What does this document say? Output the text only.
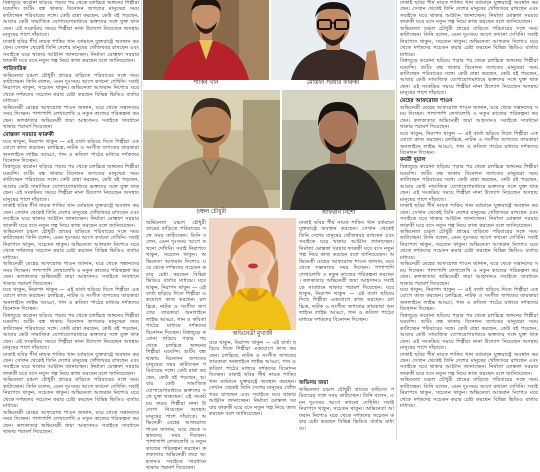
বিশ্বজুড়ে করোনা ছড়িয়ে পড়ার পর থেকে চলচ্চিত্র অঙ্গনের শিল্পীরা ঘরবন্দি। শুটিং বন্ধ থাকায় বিনোদন জগতের মানুষেরা সময় কাটাচ্ছেন পরিবারের সঙ্গে। কেউ রান্না করছেন, কেউ বই পড়ছেন, আবার কেউ সামাজিক যোগাযোগমাধ্যমে ভক্তদের সঙ্গে যুক্ত থাকছেন। এই সংকটময় সময়ে শিল্পীরা নানা উদ্যোগ নিয়েছেন অসহায় মানুষের পাশে দাঁড়াতে।

ঢাকাই ছবির শীর্ষ নায়ক শাকিব খান বর্তমানে যুক্তরাষ্ট্রে অবস্থান করছেন। সেখান থেকেই তিনি দেশের মানুষের খোঁজখবর রাখছেন এবং সবাইকে ঘরে থাকার আহ্বান জানাচ্ছেন। নির্মাতা মোস্তফা সরয়ার ফারুকী ঘরে বসে নতুন গল্প নিয়ে কাজ করছেন বলে জানিয়েছেন।

পারিবারিক

অভিনেতা চঞ্চল চৌধুরী গ্রামের বাড়িতে পরিবারের সঙ্গে সময় কাটাচ্ছেন। তিনি বলেন, এমন দুঃসময় আগে কখনো দেখিনি। সবাই নিরাপদে থাকুন, সচেতন থাকুন। অভিনেতা আফরান নিশোও ঘরে থেকে দর্শকদের সচেতন করার চেষ্টা করছেন বিভিন্ন ভিডিও বার্তার মাধ্যমে।

অভিনেত্রী মেহের আফরোজ শাওন জানান, ঘরে থেকে সন্তানদের সময় দিচ্ছেন। পাশাপাশি লেখালেখি ও নতুন কাজের পরিকল্পনা করছেন। কলকাতার অভিনেত্রী জয়া আহসানও সবাইকে সাবধানে থাকার পরামর্শ দিয়েছেন।

মোস্তফা সরয়ার ফারুকী

ঘরে থাকুন, নিরাপদ থাকুন — এই বার্তা ছড়িয়ে দিতে শিল্পীরা একযোগে কাজ করছেন। চলচ্চিত্র, নাটক ও সংগীত জগতের তারকারা অনলাইনে লাইভ আড্ডা, গান ও কবিতা পাঠের মাধ্যমে দর্শকদের বিনোদন দিচ্ছেন।

বিশ্বজুড়ে করোনা ছড়িয়ে পড়ার পর থেকে চলচ্চিত্র অঙ্গনের শিল্পীরা ঘরবন্দি। শুটিং বন্ধ থাকায় বিনোদন জগতের মানুষেরা সময় কাটাচ্ছেন পরিবারের সঙ্গে। কেউ রান্না করছেন, কেউ বই পড়ছেন, আবার কেউ সামাজিক যোগাযোগমাধ্যমে ভক্তদের সঙ্গে যুক্ত থাকছেন। এই সংকটময় সময়ে শিল্পীরা নানা উদ্যোগ নিয়েছেন অসহায় মানুষের পাশে দাঁড়াতে।

ঢাকাই ছবির শীর্ষ নায়ক শাকিব খান বর্তমানে যুক্তরাষ্ট্রে অবস্থান করছেন। সেখান থেকেই তিনি দেশের মানুষের খোঁজখবর রাখছেন এবং সবাইকে ঘরে থাকার আহ্বান জানাচ্ছেন। নির্মাতা মোস্তফা সরয়ার ফারুকী ঘরে বসে নতুন গল্প নিয়ে কাজ করছেন বলে জানিয়েছেন।

অভিনেতা চঞ্চল চৌধুরী গ্রামের বাড়িতে পরিবারের সঙ্গে সময় কাটাচ্ছেন। তিনি বলেন, এমন দুঃসময় আগে কখনো দেখিনি। সবাই নিরাপদে থাকুন, সচেতন থাকুন। অভিনেতা আফরান নিশোও ঘরে থেকে দর্শকদের সচেতন করার চেষ্টা করছেন বিভিন্ন ভিডিও বার্তার মাধ্যমে।

অভিনেত্রী মেহের আফরোজ শাওন জানান, ঘরে থেকে সন্তানদের সময় দিচ্ছেন। পাশাপাশি লেখালেখি ও নতুন কাজের পরিকল্পনা করছেন। কলকাতার অভিনেত্রী জয়া আহসানও সবাইকে সাবধানে থাকার পরামর্শ দিয়েছেন।

ঘরে থাকুন, নিরাপদ থাকুন — এই বার্তা ছড়িয়ে দিতে শিল্পীরা একযোগে কাজ করছেন। চলচ্চিত্র, নাটক ও সংগীত জগতের তারকারা অনলাইনে লাইভ আড্ডা, গান ও কবিতা পাঠের মাধ্যমে দর্শকদের বিনোদন দিচ্ছেন।

বিশ্বজুড়ে করোনা ছড়িয়ে পড়ার পর থেকে চলচ্চিত্র অঙ্গনের শিল্পীরা ঘরবন্দি। শুটিং বন্ধ থাকায় বিনোদন জগতের মানুষেরা সময় কাটাচ্ছেন পরিবারের সঙ্গে। কেউ রান্না করছেন, কেউ বই পড়ছেন, আবার কেউ সামাজিক যোগাযোগমাধ্যমে ভক্তদের সঙ্গে যুক্ত থাকছেন। এই সংকটময় সময়ে শিল্পীরা নানা উদ্যোগ নিয়েছেন অসহায় মানুষের পাশে দাঁড়াতে।

ঢাকাই ছবির শীর্ষ নায়ক শাকিব খান বর্তমানে যুক্তরাষ্ট্রে অবস্থান করছেন। সেখান থেকেই তিনি দেশের মানুষের খোঁজখবর রাখছেন এবং সবাইকে ঘরে থাকার আহ্বান জানাচ্ছেন। নির্মাতা মোস্তফা সরয়ার ফারুকী ঘরে বসে নতুন গল্প নিয়ে কাজ করছেন বলে জানিয়েছেন।

অভিনেতা চঞ্চল চৌধুরী গ্রামের বাড়িতে পরিবারের সঙ্গে সময় কাটাচ্ছেন। তিনি বলেন, এমন দুঃসময় আগে কখনো দেখিনি। সবাই নিরাপদে থাকুন, সচেতন থাকুন। অভিনেতা আফরান নিশোও ঘরে থেকে দর্শকদের সচেতন করার চেষ্টা করছেন বিভিন্ন ভিডিও বার্তার মাধ্যমে।

অভিনেত্রী মেহের আফরোজ শাওন জানান, ঘরে থেকে সন্তানদের সময় দিচ্ছেন। পাশাপাশি লেখালেখি ও নতুন কাজের পরিকল্পনা করছেন। কলকাতার অভিনেত্রী জয়া আহসানও সবাইকে সাবধানে থাকার পরামর্শ দিয়েছেন।

ঢাকাই ছবির শীর্ষ নায়ক শাকিব খান বর্তমানে যুক্তরাষ্ট্রে অবস্থান করছেন। সেখান থেকেই তিনি দেশের মানুষের খোঁজখবর রাখছেন এবং সবাইকে ঘরে থাকার আহ্বান জানাচ্ছেন। নির্মাতা মোস্তফা সরয়ার ফারুকী ঘরে বসে নতুন গল্প নিয়ে কাজ করছেন বলে জানিয়েছেন।

অভিনেতা চঞ্চল চৌধুরী গ্রামের বাড়িতে পরিবারের সঙ্গে সময় কাটাচ্ছেন। তিনি বলেন, এমন দুঃসময় আগে কখনো দেখিনি। সবাই নিরাপদে থাকুন, সচেতন থাকুন। অভিনেতা আফরান নিশোও ঘরে থেকে দর্শকদের সচেতন করার চেষ্টা করছেন বিভিন্ন ভিডিও বার্তার মাধ্যমে।

বিশ্বজুড়ে করোনা ছড়িয়ে পড়ার পর থেকে চলচ্চিত্র অঙ্গনের শিল্পীরা ঘরবন্দি। শুটিং বন্ধ থাকায় বিনোদন জগতের মানুষেরা সময় কাটাচ্ছেন পরিবারের সঙ্গে। কেউ রান্না করছেন, কেউ বই পড়ছেন, আবার কেউ সামাজিক যোগাযোগমাধ্যমে ভক্তদের সঙ্গে যুক্ত থাকছেন। এই সংকটময় সময়ে শিল্পীরা নানা উদ্যোগ নিয়েছেন অসহায় মানুষের পাশে দাঁড়াতে।

মেহের আফরোজ শাওন

অভিনেত্রী মেহের আফরোজ শাওন জানান, ঘরে থেকে সন্তানদের সময় দিচ্ছেন। পাশাপাশি লেখালেখি ও নতুন কাজের পরিকল্পনা করছেন। কলকাতার অভিনেত্রী জয়া আহসানও সবাইকে সাবধানে থাকার পরামর্শ দিয়েছেন।

ঘরে থাকুন, নিরাপদ থাকুন — এই বার্তা ছড়িয়ে দিতে শিল্পীরা একযোগে কাজ করছেন। চলচ্চিত্র, নাটক ও সংগীত জগতের তারকারা অনলাইনে লাইভ আড্ডা, গান ও কবিতা পাঠের মাধ্যমে দর্শকদের বিনোদন দিচ্ছেন।

কবরী দুয়াল

বিশ্বজুড়ে করোনা ছড়িয়ে পড়ার পর থেকে চলচ্চিত্র অঙ্গনের শিল্পীরা ঘরবন্দি। শুটিং বন্ধ থাকায় বিনোদন জগতের মানুষেরা সময় কাটাচ্ছেন পরিবারের সঙ্গে। কেউ রান্না করছেন, কেউ বই পড়ছেন, আবার কেউ সামাজিক যোগাযোগমাধ্যমে ভক্তদের সঙ্গে যুক্ত থাকছেন। এই সংকটময় সময়ে শিল্পীরা নানা উদ্যোগ নিয়েছেন অসহায় মানুষের পাশে দাঁড়াতে।

ঢাকাই ছবির শীর্ষ নায়ক শাকিব খান বর্তমানে যুক্তরাষ্ট্রে অবস্থান করছেন। সেখান থেকেই তিনি দেশের মানুষের খোঁজখবর রাখছেন এবং সবাইকে ঘরে থাকার আহ্বান জানাচ্ছেন। নির্মাতা মোস্তফা সরয়ার ফারুকী ঘরে বসে নতুন গল্প নিয়ে কাজ করছেন বলে জানিয়েছেন।

অভিনেতা চঞ্চল চৌধুরী গ্রামের বাড়িতে পরিবারের সঙ্গে সময় কাটাচ্ছেন। তিনি বলেন, এমন দুঃসময় আগে কখনো দেখিনি। সবাই নিরাপদে থাকুন, সচেতন থাকুন। অভিনেতা আফরান নিশোও ঘরে থেকে দর্শকদের সচেতন করার চেষ্টা করছেন বিভিন্ন ভিডিও বার্তার মাধ্যমে।

অভিনেত্রী মেহের আফরোজ শাওন জানান, ঘরে থেকে সন্তানদের সময় দিচ্ছেন। পাশাপাশি লেখালেখি ও নতুন কাজের পরিকল্পনা করছেন। কলকাতার অভিনেত্রী জয়া আহসানও সবাইকে সাবধানে থাকার পরামর্শ দিয়েছেন।

ঘরে থাকুন, নিরাপদ থাকুন — এই বার্তা ছড়িয়ে দিতে শিল্পীরা একযোগে কাজ করছেন। চলচ্চিত্র, নাটক ও সংগীত জগতের তারকারা অনলাইনে লাইভ আড্ডা, গান ও কবিতা পাঠের মাধ্যমে দর্শকদের বিনোদন দিচ্ছেন।

বিশ্বজুড়ে করোনা ছড়িয়ে পড়ার পর থেকে চলচ্চিত্র অঙ্গনের শিল্পীরা ঘরবন্দি। শুটিং বন্ধ থাকায় বিনোদন জগতের মানুষেরা সময় কাটাচ্ছেন পরিবারের সঙ্গে। কেউ রান্না করছেন, কেউ বই পড়ছেন, আবার কেউ সামাজিক যোগাযোগমাধ্যমে ভক্তদের সঙ্গে যুক্ত থাকছেন। এই সংকটময় সময়ে শিল্পীরা নানা উদ্যোগ নিয়েছেন অসহায় মানুষের পাশে দাঁড়াতে।

ঢাকাই ছবির শীর্ষ নায়ক শাকিব খান বর্তমানে যুক্তরাষ্ট্রে অবস্থান করছেন। সেখান থেকেই তিনি দেশের মানুষের খোঁজখবর রাখছেন এবং সবাইকে ঘরে থাকার আহ্বান জানাচ্ছেন। নির্মাতা মোস্তফা সরয়ার ফারুকী ঘরে বসে নতুন গল্প নিয়ে কাজ করছেন বলে জানিয়েছেন।

অভিনেতা চঞ্চল চৌধুরী গ্রামের বাড়িতে পরিবারের সঙ্গে সময় কাটাচ্ছেন। তিনি বলেন, এমন দুঃসময় আগে কখনো দেখিনি। সবাই নিরাপদে থাকুন, সচেতন থাকুন। অভিনেতা আফরান নিশোও ঘরে থেকে দর্শকদের সচেতন করার চেষ্টা করছেন বিভিন্ন ভিডিও বার্তার মাধ্যমে।

শাকিব খান	মোস্তফা সরয়ার ফারুকী
চঞ্চল চৌধুরী	আফরান নিশো
অভিনেতা চঞ্চল চৌধুরী গ্রামের বাড়িতে পরিবারের সঙ্গে সময় কাটাচ্ছেন। তিনি বলেন, এমন দুঃসময় আগে কখনো দেখিনি। সবাই নিরাপদে থাকুন, সচেতন থাকুন। অভিনেতা আফরান নিশোও ঘরে থেকে দর্শকদের সচেতন করার চেষ্টা করছেন বিভিন্ন ভিডিও বার্তার মাধ্যমে। ঘরে থাকুন, নিরাপদ থাকুন — এই বার্তা ছড়িয়ে দিতে শিল্পীরা একযোগে কাজ করছেন। চলচ্চিত্র, নাটক ও সংগীত জগতের তারকারা অনলাইনে লাইভ আড্ডা, গান ও কবিতা পাঠের মাধ্যমে দর্শকদের বিনোদন দিচ্ছেন। বিশ্বজুড়ে করোনা ছড়িয়ে পড়ার পর থেকে চলচ্চিত্র অঙ্গনের শিল্পীরা ঘরবন্দি। শুটিং বন্ধ থাকায় বিনোদন জগতের মানুষেরা সময় কাটাচ্ছেন পরিবারের সঙ্গে। কেউ রান্না করছেন, কেউ বই পড়ছেন, আবার কেউ সামাজিক যোগাযোগমাধ্যমে ভক্তদের সঙ্গে যুক্ত থাকছেন। এই সংকটময় সময়ে শিল্পীরা নানা উদ্যোগ নিয়েছেন অসহায় মানুষের পাশে দাঁড়াতে। অভিনেত্রী মেহের আফরোজ শাওন জানান, ঘরে থেকে সন্তানদের সময় দিচ্ছেন। পাশাপাশি লেখালেখি ও নতুন কাজের পরিকল্পনা করছেন। কলকাতার অভিনেত্রী জয়া আহসানও সবাইকে সাবধানে থাকার পরামর্শ দিয়েছেন।
ঢাকাই ছবির শীর্ষ নায়ক শাকিব খান বর্তমানে যুক্তরাষ্ট্রে অবস্থান করছেন। সেখান থেকেই তিনি দেশের মানুষের খোঁজখবর রাখছেন এবং সবাইকে ঘরে থাকার আহ্বান জানাচ্ছেন। নির্মাতা মোস্তফা সরয়ার ফারুকী ঘরে বসে নতুন গল্প নিয়ে কাজ করছেন বলে জানিয়েছেন। অভিনেত্রী মেহের আফরোজ শাওন জানান, ঘরে থেকে সন্তানদের সময় দিচ্ছেন। পাশাপাশি লেখালেখি ও নতুন কাজের পরিকল্পনা করছেন। কলকাতার অভিনেত্রী জয়া আহসানও সবাইকে সাবধানে থাকার পরামর্শ দিয়েছেন। ঘরে থাকুন, নিরাপদ থাকুন — এই বার্তা ছড়িয়ে দিতে শিল্পীরা একযোগে কাজ করছেন। চলচ্চিত্র, নাটক ও সংগীত জগতের তারকারা অনলাইনে লাইভ আড্ডা, গান ও কবিতা পাঠের মাধ্যমে দর্শকদের বিনোদন দিচ্ছেন।
অভিনেত্রী মুখার্জী
ঘরে থাকুন, নিরাপদ থাকুন — এই বার্তা ছড়িয়ে দিতে শিল্পীরা একযোগে কাজ করছেন। চলচ্চিত্র, নাটক ও সংগীত জগতের তারকারা অনলাইনে লাইভ আড্ডা, গান ও কবিতা পাঠের মাধ্যমে দর্শকদের বিনোদন দিচ্ছেন। ঢাকাই ছবির শীর্ষ নায়ক শাকিব খান বর্তমানে যুক্তরাষ্ট্রে অবস্থান করছেন। সেখান থেকেই তিনি দেশের মানুষের খোঁজখবর রাখছেন এবং সবাইকে ঘরে থাকার আহ্বান জানাচ্ছেন। নির্মাতা মোস্তফা সরয়ার ফারুকী ঘরে বসে নতুন গল্প নিয়ে কাজ করছেন বলে জানিয়েছেন।
অভিনয় জয়া
অভিনেতা চঞ্চল চৌধুরী গ্রামের বাড়িতে পরিবারের সঙ্গে সময় কাটাচ্ছেন। তিনি বলেন, এমন দুঃসময় আগে কখনো দেখিনি। সবাই নিরাপদে থাকুন, সচেতন থাকুন। অভিনেতা আফরান নিশোও ঘরে থেকে দর্শকদের সচেতন করার চেষ্টা করছেন বিভিন্ন ভিডিও বার্তার মাধ্যমে।
